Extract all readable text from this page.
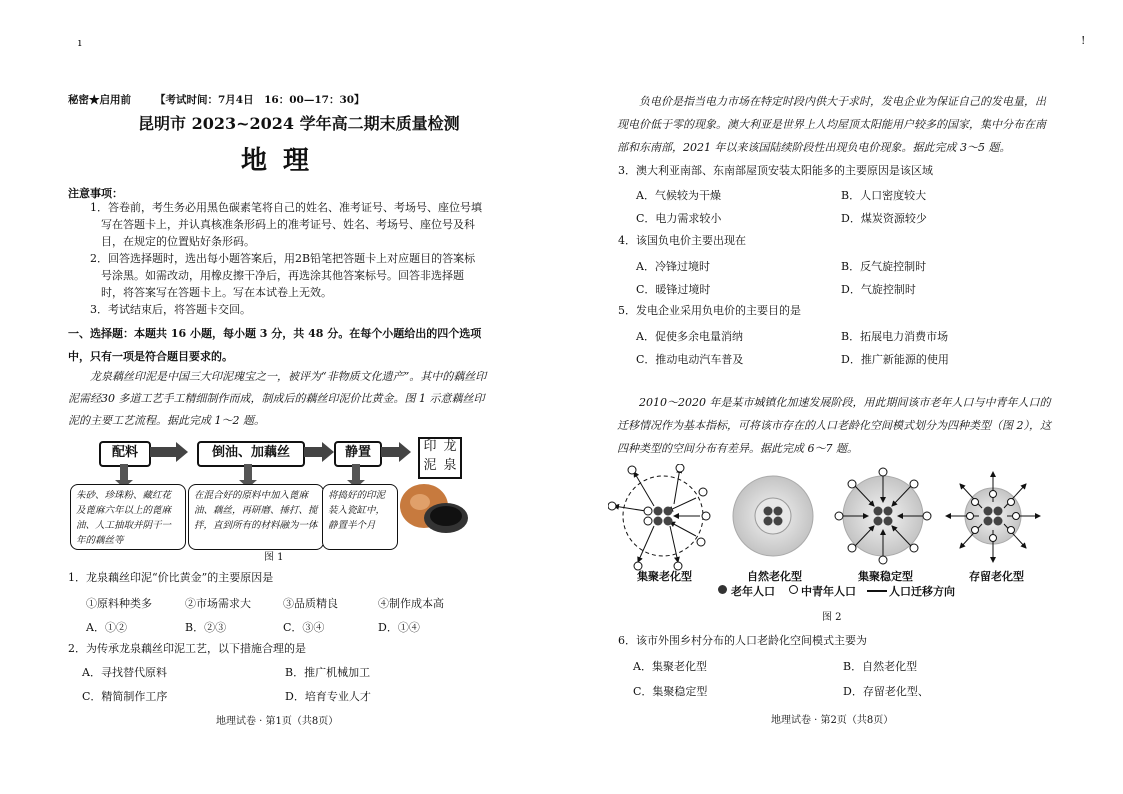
ı
秘密★启用前 【考试时间：7月4日　16：00—17：30】
昆明市 2023~2024 学年高二期末质量检测
地理
注意事项：
1．答卷前，考生务必用黑色碳素笔将自己的姓名、准考证号、考场号、座位号填写在答题卡上，并认真核准条形码上的准考证号、姓名、考场号、座位号及科目，在规定的位置贴好条形码。
2．回答选择题时，选出每小题答案后，用2B铅笔把答题卡上对应题目的答案标号涂黑。如需改动，用橡皮擦干净后，再选涂其他答案标号。回答非选择题时，将答案写在答题卡上。写在本试卷上无效。
3．考试结束后，将答题卡交回。
一、选择题：本题共 16 小题，每小题 3 分，共 48 分。在每个小题给出的四个选项中，只有一项是符合题目要求的。
龙泉藕丝印泥是中国三大印泥瑰宝之一，被评为“非物质文化遗产”。其中的藕丝印泥需经30 多道工艺手工精细制作而成，制成后的藕丝印泥价比黄金。图 1 示意藕丝印泥的主要工艺流程。据此完成 1～2 题。
配料	倒油、加藕丝	静置	印 龙
泥 泉
朱砂、珍珠粉、藏红花及蓖麻六年以上的蓖麻油、人工抽取并阴干一年的藕丝等
在混合好的原料中加入蓖麻油、藕丝，再研磨、捶打、搅拌，直到所有的材料融为一体
将捣好的印泥装入瓷缸中，静置半个月
图 1
1．龙泉藕丝印泥“价比黄金”的主要原因是
①原料种类多	②市场需求大	③品质精良	④制作成本高
A．①②	B．②③	C．③④	D．①④
2．为传承龙泉藕丝印泥工艺，以下措施合理的是
A．寻找替代原料	B．推广机械加工
C．精简制作工序	D．培育专业人才
地理试卷 · 第1页（共8页）
!
负电价是指当电力市场在特定时段内供大于求时，发电企业为保证自己的发电量，出现电价低于零的现象。澳大利亚是世界上人均屋顶太阳能用户较多的国家，集中分布在南部和东南部，2021 年以来该国陆续阶段性出现负电价现象。据此完成 3～5 题。
3．澳大利亚南部、东南部屋顶安装太阳能多的主要原因是该区域
A．气候较为干燥	B．人口密度较大
C．电力需求较小	D．煤炭资源较少
4．该国负电价主要出现在
A．冷锋过境时	B．反气旋控制时
C．暖锋过境时	D．气旋控制时
5．发电企业采用负电价的主要目的是
A．促使多余电量消纳	B．拓展电力消费市场
C．推动电动汽车普及	D．推广新能源的使用
2010～2020 年是某市城镇化加速发展阶段，用此期间该市老年人口与中青年人口的迁移情况作为基本指标，可将该市存在的人口老龄化空间模式划分为四种类型（图 2），这四种类型的空间分布有差异。据此完成 6～7 题。
集聚老化型	自然老化型	集聚稳定型	存留老化型
老年人口 中青年人口	人口迁移方向
图 2
6．该市外围乡村分布的人口老龄化空间模式主要为
A．集聚老化型	B．自然老化型
C．集聚稳定型	D．存留老化型、
地理试卷 · 第2页（共8页）
